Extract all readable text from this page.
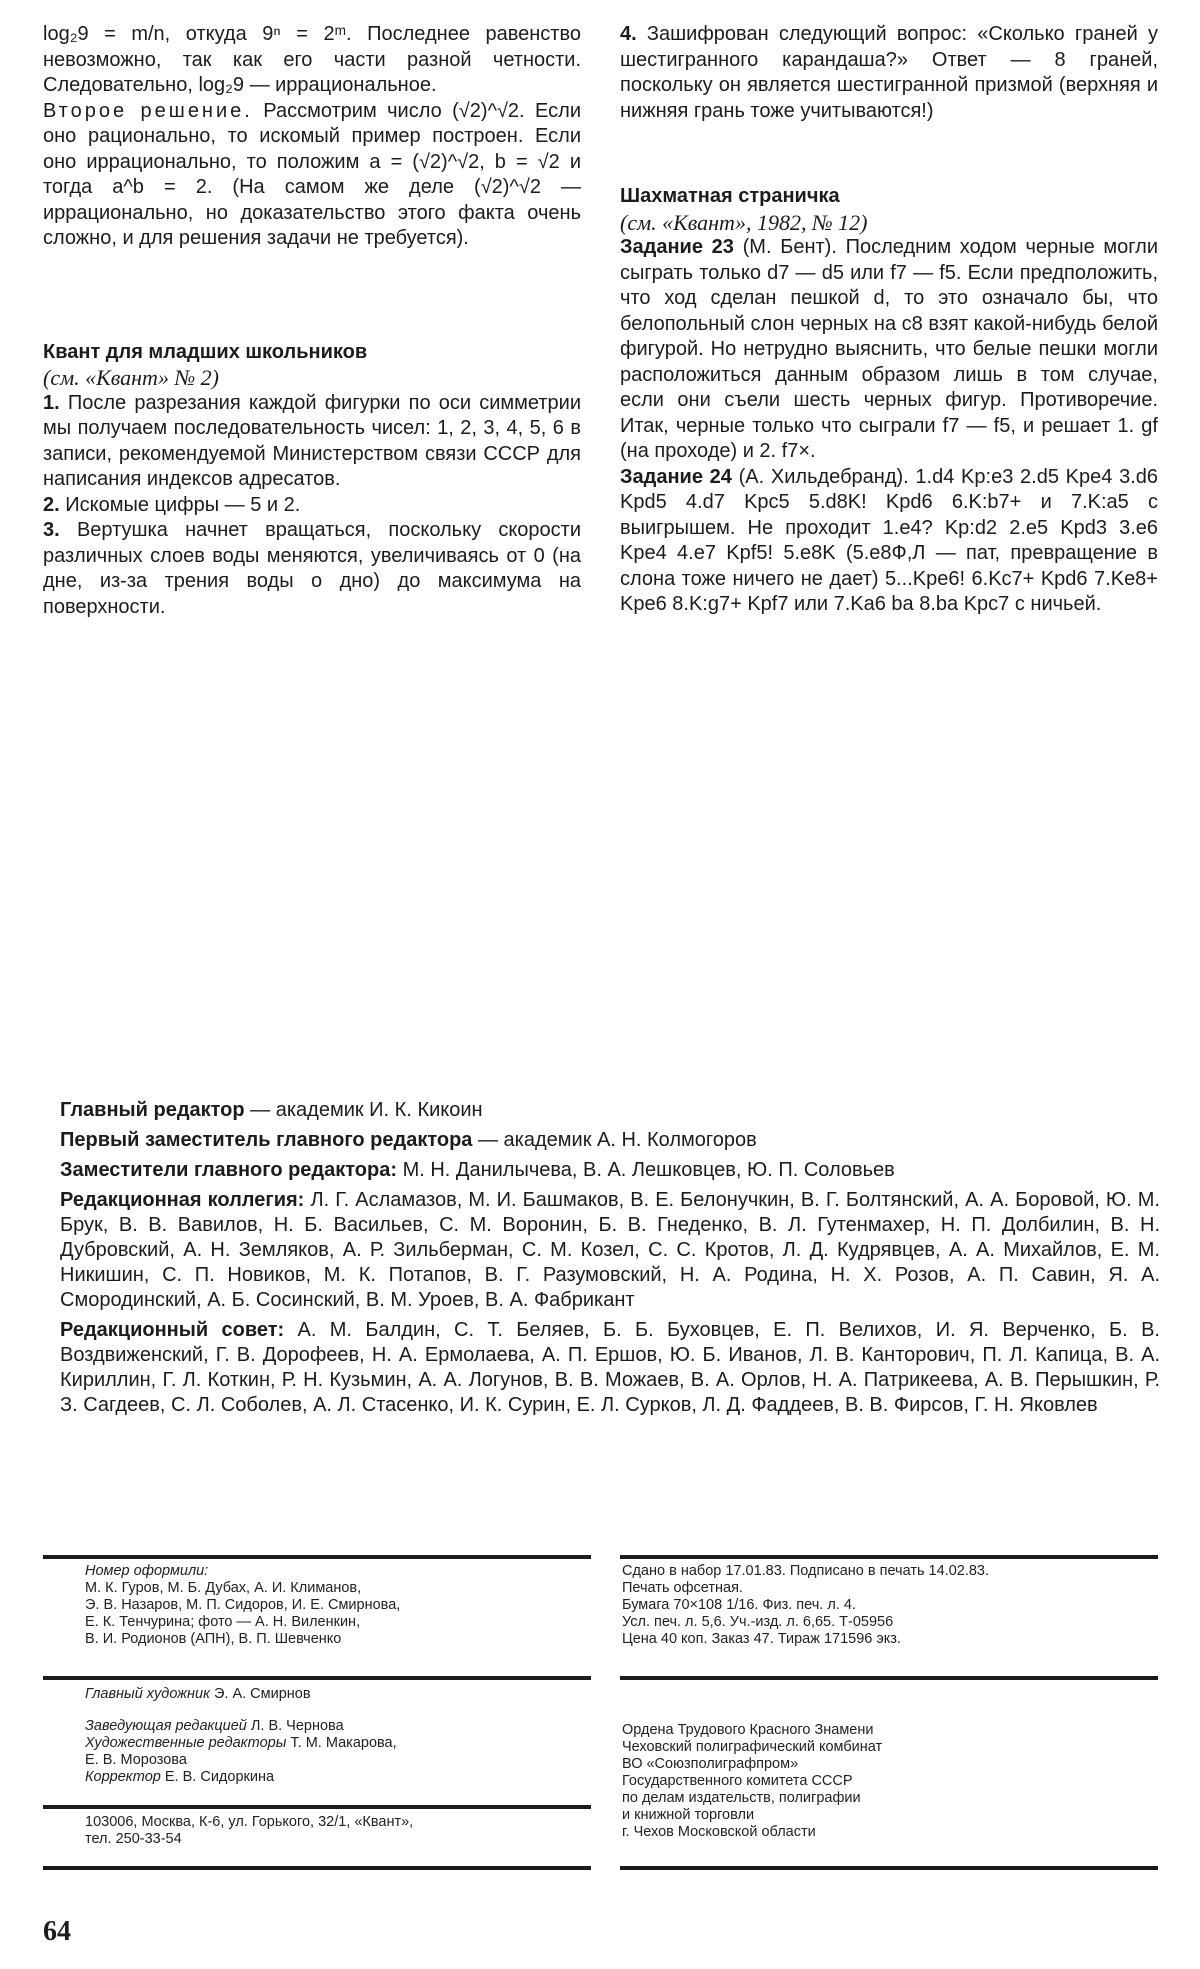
log₂9 = m/n, откуда 9ⁿ = 2ᵐ. Последнее равенство невозможно, так как его части разной четности. Следовательно, log₂9 — иррациональное.

Второе решение. Рассмотрим число (√2)^√2. Если оно рационально, то искомый пример построен. Если оно иррационально, то положим a = (√2)^√2, b = √2 и тогда a^b = 2. (На самом же деле (√2)^√2 — иррационально, но доказательство этого факта очень сложно, и для решения задачи не требуется).

Квант для младших школьников

(см. «Квант» № 2)

1. После разрезания каждой фигурки по оси симметрии мы получаем последовательность чисел: 1, 2, 3, 4, 5, 6 в записи, рекомендуемой Министерством связи СССР для написания индексов адресатов.

2. Искомые цифры — 5 и 2.

3. Вертушка начнет вращаться, поскольку скорости различных слоев воды меняются, увеличиваясь от 0 (на дне, из-за трения воды о дно) до максимума на поверхности.

4. Зашифрован следующий вопрос: «Сколько граней у шестигранного карандаша?» Ответ — 8 граней, поскольку он является шестигранной призмой (верхняя и нижняя грань тоже учитываются!)

Шахматная страничка

(см. «Квант», 1982, № 12)

Задание 23 (М. Бент). Последним ходом черные могли сыграть только d7 — d5 или f7 — f5. Если предположить, что ход сделан пешкой d, то это означало бы, что белопольный слон черных на c8 взят какой-нибудь белой фигурой. Но нетрудно выяснить, что белые пешки могли расположиться данным образом лишь в том случае, если они съели шесть черных фигур. Противоречие. Итак, черные только что сыграли f7 — f5, и решает 1. gf (на проходе) и 2. f7×.

Задание 24 (А. Хильдебранд). 1.d4 Kp:e3 2.d5 Kpe4 3.d6 Kpd5 4.d7 Kpc5 5.d8K! Kpd6 6.K:b7+ и 7.K:a5 с выигрышем. Не проходит 1.e4? Kp:d2 2.e5 Kpd3 3.e6 Kpe4 4.e7 Kpf5! 5.e8K (5.e8Ф,Л — пат, превращение в слона тоже ничего не дает) 5...Kpe6! 6.Kc7+ Kpd6 7.Ke8+ Kpe6 8.K:g7+ Kpf7 или 7.Ka6 ba 8.ba Kpc7 с ничьей.

Главный редактор — академик И. К. Кикоин

Первый заместитель главного редактора — академик А. Н. Колмогоров

Заместители главного редактора: М. Н. Данилычева, В. А. Лешковцев, Ю. П. Соловьев

Редакционная коллегия: Л. Г. Асламазов, М. И. Башмаков, В. Е. Белонучкин, В. Г. Болтянский, А. А. Боровой, Ю. М. Брук, В. В. Вавилов, Н. Б. Васильев, С. М. Воронин, Б. В. Гнеденко, В. Л. Гутенмахер, Н. П. Долбилин, В. Н. Дубровский, А. Н. Земляков, А. Р. Зильберман, С. М. Козел, С. С. Кротов, Л. Д. Кудрявцев, А. А. Михайлов, Е. М. Никишин, С. П. Новиков, М. К. Потапов, В. Г. Разумовский, Н. А. Родина, Н. Х. Розов, А. П. Савин, Я. А. Смородинский, А. Б. Сосинский, В. М. Уроев, В. А. Фабрикант

Редакционный совет: А. М. Балдин, С. Т. Беляев, Б. Б. Буховцев, Е. П. Велихов, И. Я. Верченко, Б. В. Воздвиженский, Г. В. Дорофеев, Н. А. Ермолаева, А. П. Ершов, Ю. Б. Иванов, Л. В. Канторович, П. Л. Капица, В. А. Кириллин, Г. Л. Коткин, Р. Н. Кузьмин, А. А. Логунов, В. В. Можаев, В. А. Орлов, Н. А. Патрикеева, А. В. Перышкин, Р. З. Сагдеев, С. Л. Соболев, А. Л. Стасенко, И. К. Сурин, Е. Л. Сурков, Л. Д. Фаддеев, В. В. Фирсов, Г. Н. Яковлев

Номер оформили:

М. К. Гуров, М. Б. Дубах, А. И. Климанов,

Э. В. Назаров, М. П. Сидоров, И. Е. Смирнова,

Е. К. Тенчурина; фото — А. Н. Виленкин,

В. И. Родионов (АПН), В. П. Шевченко

Главный художник Э. А. Смирнов

Заведующая редакцией Л. В. Чернова

Художественные редакторы Т. М. Макарова,

Е. В. Морозова

Корректор Е. В. Сидоркина

103006, Москва, К-6, ул. Горького, 32/1, «Квант»,

тел. 250-33-54

Сдано в набор 17.01.83. Подписано в печать 14.02.83.

Печать офсетная.

Бумага 70×108 1/16. Физ. печ. л. 4.

Усл. печ. л. 5,6. Уч.-изд. л. 6,65. Т-05956

Цена 40 коп. Заказ 47. Тираж 171596 экз.

Ордена Трудового Красного Знамени

Чеховский полиграфический комбинат

ВО «Союзполиграфпром»

Государственного комитета СССР

по делам издательств, полиграфии

и книжной торговли

г. Чехов Московской области

64
